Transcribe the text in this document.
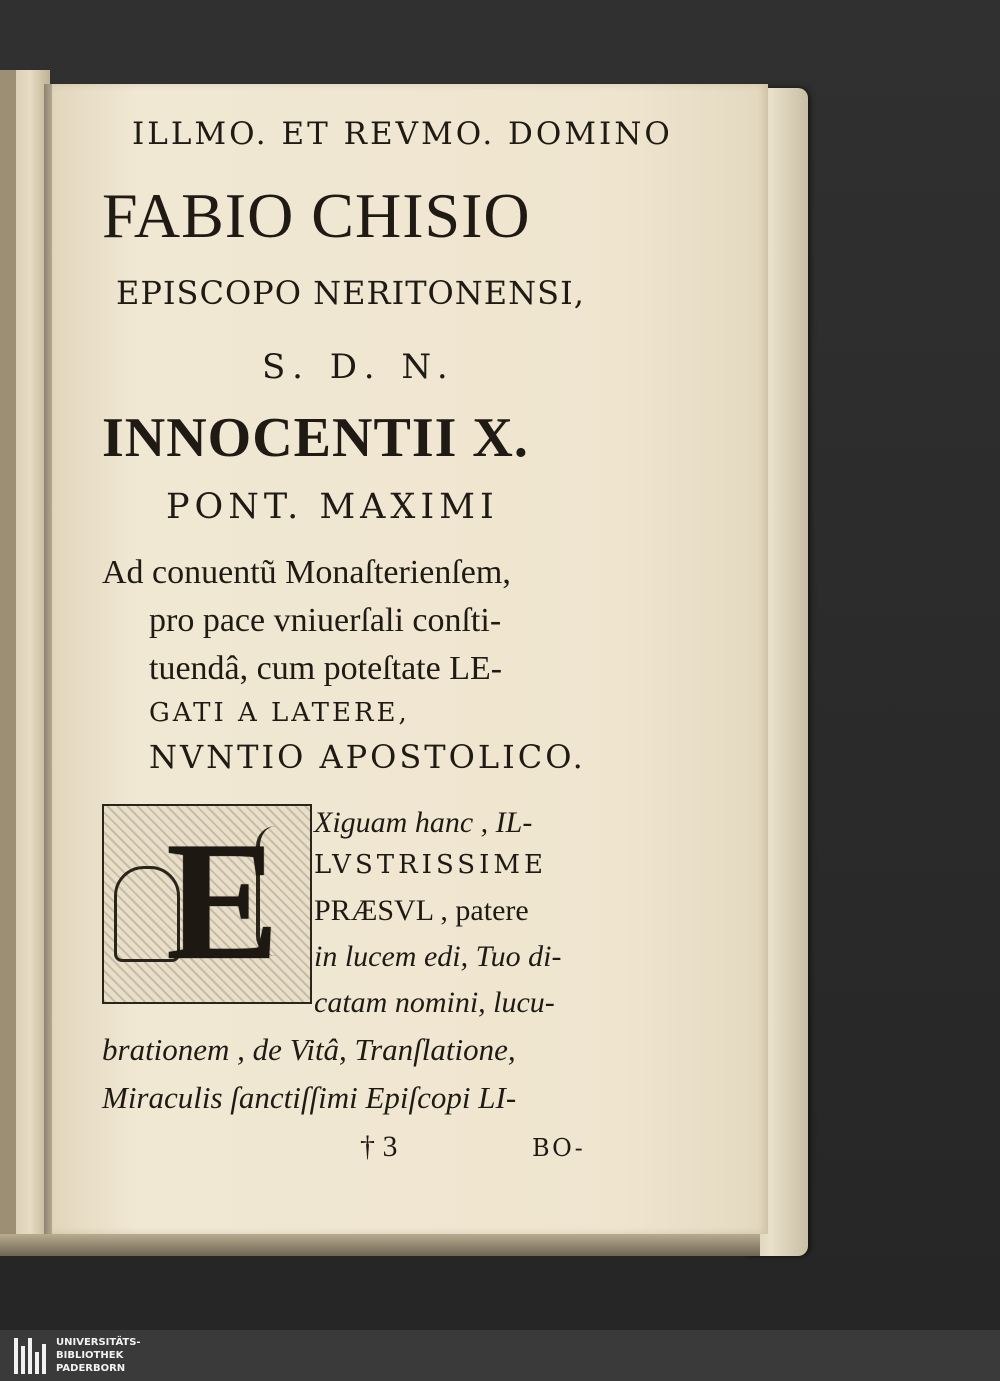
ILLMO. ET REVMO. DOMINO
FABIO CHISIO
EPISCOPO NERITONENSI,
S. D. N.
INNOCENTII X.
PONT. MAXIMI
Ad conuentũ Monaſterienſem,
pro pace vniuerſali conſti-
tuendâ, cum poteſtate LE-
GATI A LATERE,
NVNTIO APOSTOLICO.
E Xiguam hanc , IL-
LVSTRISSIME
PRÆSVL , patere
in lucem edi, Tuo di-
catam nomini, lucu-
brationem , de Vitâ, Tranſlatione,
Miraculis ſanctiſſimi Epiſcopi LI-
† 3	BO-
UNIVERSITÄTS-
BIBLIOTHEK
PADERBORN
